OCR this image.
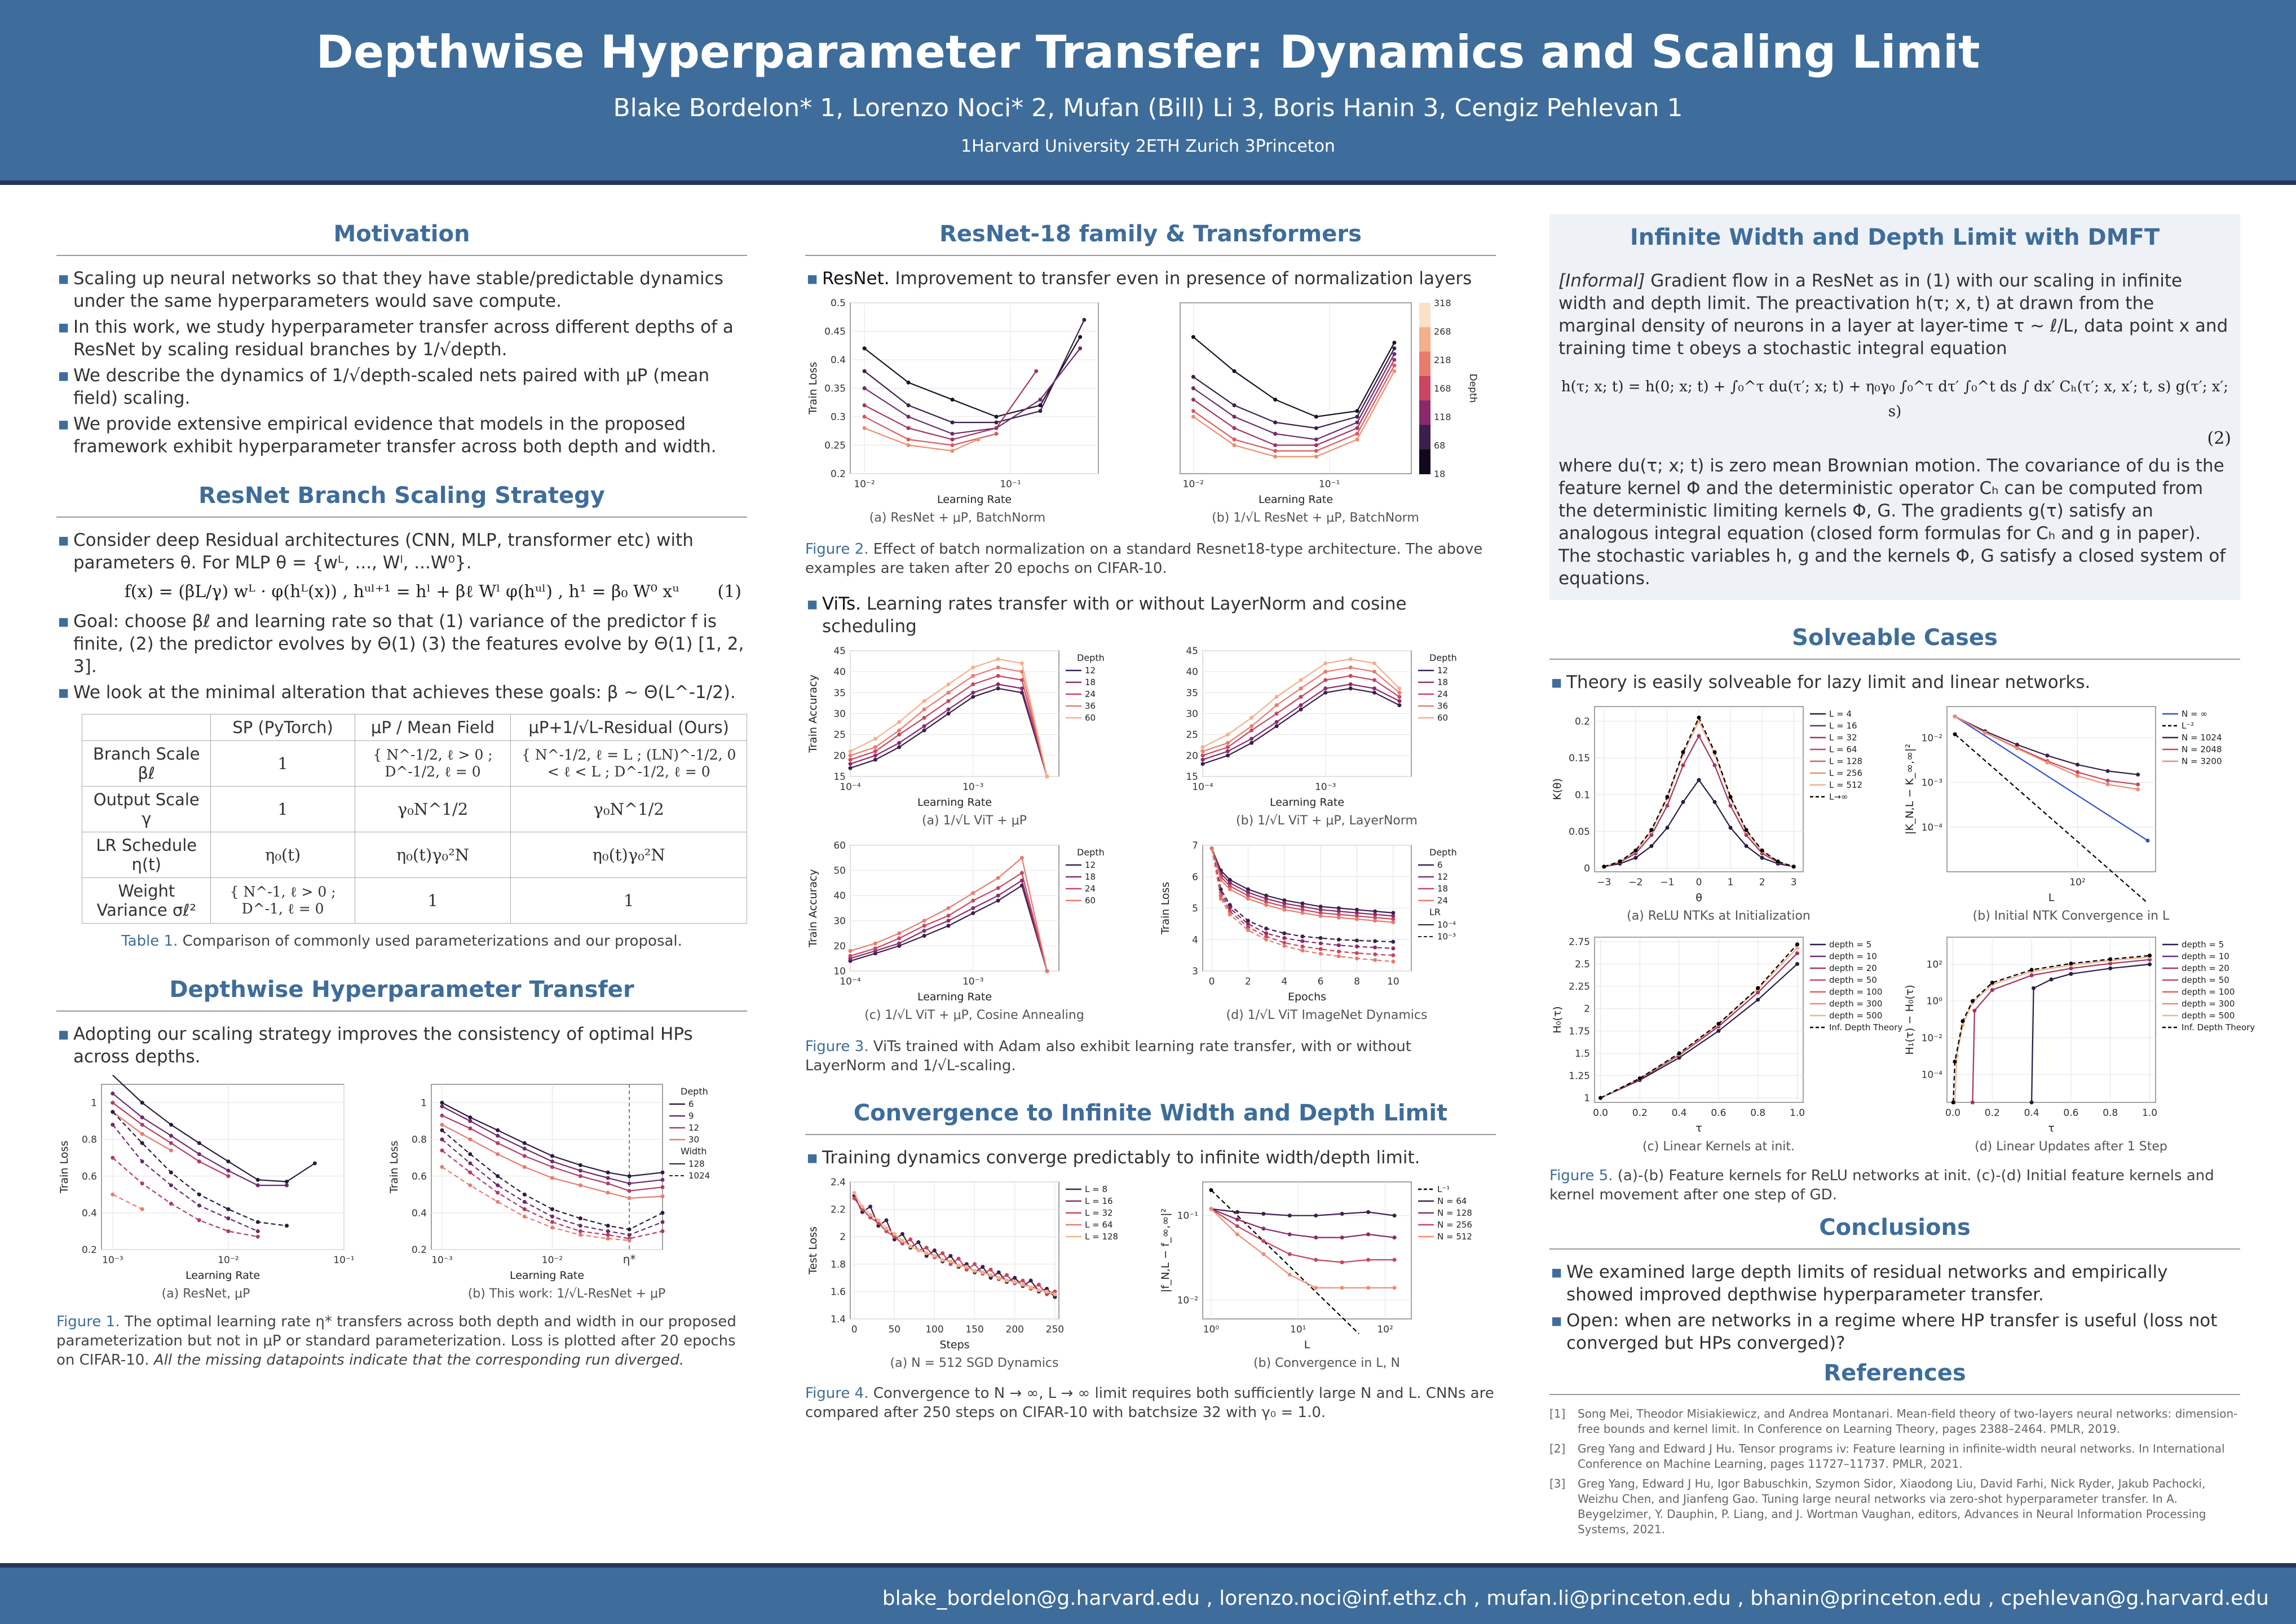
Depthwise Hyperparameter Transfer: Dynamics and Scaling Limit
Blake Bordelon* 1, Lorenzo Noci* 2, Mufan (Bill) Li 3, Boris Hanin 3, Cengiz Pehlevan 1
1Harvard University 2ETH Zurich 3Princeton
Motivation
▪ Scaling up neural networks so that they have stable/predictable dynamics under the same hyperparameters would save compute.
▪ In this work, we study hyperparameter transfer across different depths of a ResNet by scaling residual branches by 1/√depth.
▪ We describe the dynamics of 1/√depth-scaled nets paired with μP (mean field) scaling.
▪ We provide extensive empirical evidence that models in the proposed framework exhibit hyperparameter transfer across both depth and width.
ResNet Branch Scaling Strategy
▪ Consider deep Residual architectures (CNN, MLP, transformer etc) with parameters θ. For MLP θ = {wᴸ, ..., Wˡ, ...W⁰}.
f(x) = (βL/γ) wᴸ · φ(hᴸ(x)) , hᵘˡ⁺¹ = hˡ + βℓ Wˡ φ(hᵘˡ) , h¹ = β₀ W⁰ xᵘ (1)
▪ Goal: choose βℓ and learning rate so that (1) variance of the predictor f is finite, (2) the predictor evolves by Θ(1) (3) the features evolve by Θ(1) [1, 2, 3].
▪ We look at the minimal alteration that achieves these goals: β ∼ Θ(L^-1/2).
	SP (PyTorch)	μP / Mean Field	μP+1/√L-Residual (Ours)
Branch Scale βℓ	1	{ N^-1/2, ℓ > 0 ; D^-1/2, ℓ = 0	{ N^-1/2, ℓ = L ; (LN)^-1/2, 0 < ℓ < L ; D^-1/2, ℓ = 0
Output Scale γ	1	γ₀N^1/2	γ₀N^1/2
LR Schedule η(t)	η₀(t)	η₀(t)γ₀²N	η₀(t)γ₀²N
Weight Variance σℓ²	{ N^-1, ℓ > 0 ; D^-1, ℓ = 0	1	1
Table 1. Comparison of commonly used parameterizations and our proposal.
Depthwise Hyperparameter Transfer
▪ Adopting our scaling strategy improves the consistency of optimal HPs across depths.
10⁻³	10⁻²	10⁻¹
0.2
0.4
0.6
0.8
1
Learning Rate
Train Loss
(a) ResNet, μP
10⁻³	10⁻²
0.2
0.4
0.6
0.8
1
η*
Learning Rate
Train Loss
Depth
6
9
12
30
Width
128
1024
(b) This work: 1/√L-ResNet + μP
Figure 1. The optimal learning rate η* transfers across both depth and width in our proposed parameterization but not in μP or standard parameterization. Loss is plotted after 20 epochs on CIFAR-10. All the missing datapoints indicate that the corresponding run diverged.
ResNet-18 family & Transformers
▪ ResNet. Improvement to transfer even in presence of normalization layers
10⁻²	10⁻¹
0.2
0.25
0.3
0.35
0.4
0.45
0.5
Learning Rate
Train Loss
(a) ResNet + μP, BatchNorm
10⁻²	10⁻¹
Learning Rate
318
268
218
168
118
68
18
Depth
(b) 1/√L ResNet + μP, BatchNorm
Figure 2. Effect of batch normalization on a standard Resnet18-type architecture. The above examples are taken after 20 epochs on CIFAR-10.
▪ ViTs. Learning rates transfer with or without LayerNorm and cosine scheduling
10⁻⁴	10⁻³
15
20
25
30
35
40
45
Learning Rate
Train Accuracy
Depth
12
18
24
36
60
(a) 1/√L ViT + μP
10⁻⁴	10⁻³
15
20
25
30
35
40
45
Learning Rate
Depth
12
18
24
36
60
(b) 1/√L ViT + μP, LayerNorm
10⁻⁴	10⁻³
10
20
30
40
50
60
Learning Rate
Train Accuracy
Depth
12
18
24
60
(c) 1/√L ViT + μP, Cosine Annealing
0	2	4	6	8	10
3
4
5
6
7
Epochs
Train Loss
Depth
6
12
18
24
LR
10⁻⁴
10⁻³
(d) 1/√L ViT ImageNet Dynamics
Figure 3. ViTs trained with Adam also exhibit learning rate transfer, with or without LayerNorm and 1/√L-scaling.
Convergence to Infinite Width and Depth Limit
▪ Training dynamics converge predictably to infinite width/depth limit.
0	50	100 150 200 250
1.4
1.6
1.8
2
2.2
2.4
Steps
Test Loss
L = 8
L = 16
L = 32
L = 64
L = 128
(a) N = 512 SGD Dynamics
10⁰	10¹	10²
10⁻¹
10⁻²
L
|f_N,L − f_∞,∞|²
L⁻¹
N = 64
N = 128
N = 256
N = 512
(b) Convergence in L, N
Figure 4. Convergence to N → ∞, L → ∞ limit requires both sufficiently large N and L. CNNs are compared after 250 steps on CIFAR-10 with batchsize 32 with γ₀ = 1.0.
Infinite Width and Depth Limit with DMFT
[Informal] Gradient flow in a ResNet as in (1) with our scaling in infinite width and depth limit. The preactivation h(τ; x, t) at drawn from the marginal density of neurons in a layer at layer-time τ ∼ ℓ/L, data point x and training time t obeys a stochastic integral equation
h(τ; x; t) = h(0; x; t) + ∫₀^τ du(τ′; x; t) + η₀γ₀ ∫₀^τ dτ′ ∫₀^t ds ∫ dx′ Cₕ(τ′; x, x′; t, s) g(τ′; x′; s)
(2)
where du(τ; x; t) is zero mean Brownian motion. The covariance of du is the feature kernel Φ and the deterministic operator Cₕ can be computed from the deterministic limiting kernels Φ, G. The gradients g(τ) satisfy an analogous integral equation (closed form formulas for Cₕ and g in paper). The stochastic variables h, g and the kernels Φ, G satisfy a closed system of equations.
Solveable Cases
▪ Theory is easily solveable for lazy limit and linear networks.
−3 −2 −1 0	1	2	3
0
0.05
0.1
0.15
0.2
θ
K(θ)
L = 4
L = 16
L = 32
L = 64
L = 128
L = 256
L = 512
L→∞
(a) ReLU NTKs at Initialization
10²
10⁻²
10⁻³
10⁻⁴
L
|K_N,L − K_∞,∞|²
N = ∞
L⁻²
N = 1024
N = 2048
N = 3200
(b) Initial NTK Convergence in L
0.0	0.2	0.4	0.6	0.8	1.0
1
1.25
1.5
1.75
2
2.25
2.5
2.75
τ
H₀(τ)
depth = 5
depth = 10
depth = 20
depth = 50
depth = 100
depth = 300
depth = 500
Inf. Depth Theory
(c) Linear Kernels at init.
0.0	0.2	0.4	0.6	0.8	1.0
10²
10⁰
10⁻²
10⁻⁴
τ
H₁(τ) − H₀(τ)
depth = 5
depth = 10
depth = 20
depth = 50
depth = 100
depth = 300
depth = 500
Inf. Depth Theory
(d) Linear Updates after 1 Step
Figure 5. (a)-(b) Feature kernels for ReLU networks at init. (c)-(d) Initial feature kernels and kernel movement after one step of GD.
Conclusions
▪ We examined large depth limits of residual networks and empirically showed improved depthwise hyperparameter transfer.
▪ Open: when are networks in a regime where HP transfer is useful (loss not converged but HPs converged)?
References
[1] Song Mei, Theodor Misiakiewicz, and Andrea Montanari. Mean-field theory of two-layers neural networks: dimension-free bounds and kernel limit. In Conference on Learning Theory, pages 2388–2464. PMLR, 2019.
[2] Greg Yang and Edward J Hu. Tensor programs iv: Feature learning in infinite-width neural networks. In International Conference on Machine Learning, pages 11727–11737. PMLR, 2021.
[3] Greg Yang, Edward J Hu, Igor Babuschkin, Szymon Sidor, Xiaodong Liu, David Farhi, Nick Ryder, Jakub Pachocki, Weizhu Chen, and Jianfeng Gao. Tuning large neural networks via zero-shot hyperparameter transfer. In A. Beygelzimer, Y. Dauphin, P. Liang, and J. Wortman Vaughan, editors, Advances in Neural Information Processing Systems, 2021.
blake_bordelon@g.harvard.edu , lorenzo.noci@inf.ethz.ch , mufan.li@princeton.edu , bhanin@princeton.edu , cpehlevan@g.harvard.edu
